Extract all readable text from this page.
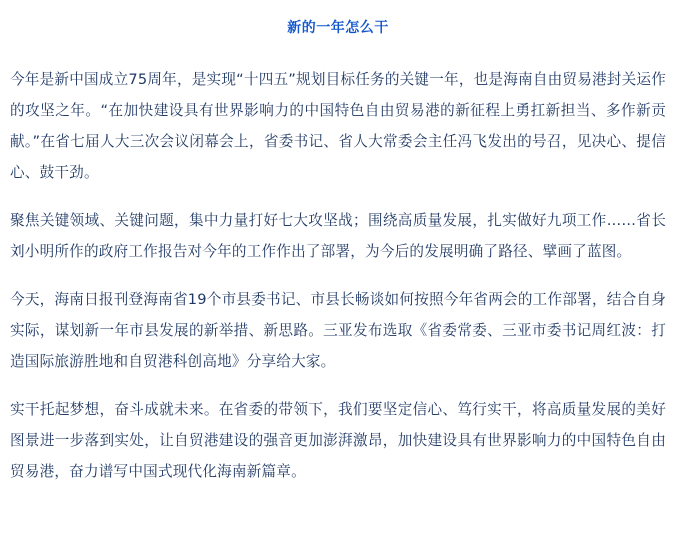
新的一年怎么干

今年是新中国成立75周年，是实现“十四五”规划目标任务的关键一年，也是海南自由贸易港封关运作的攻坚之年。“在加快建设具有世界影响力的中国特色自由贸易港的新征程上勇扛新担当、多作新贡献。”在省七届人大三次会议闭幕会上，省委书记、省人大常委会主任冯飞发出的号召，见决心、提信心、鼓干劲。

聚焦关键领域、关键问题，集中力量打好七大攻坚战；围绕高质量发展，扎实做好九项工作……省长刘小明所作的政府工作报告对今年的工作作出了部署，为今后的发展明确了路径、擘画了蓝图。

今天，海南日报刊登海南省19个市县委书记、市县长畅谈如何按照今年省两会的工作部署，结合自身实际，谋划新一年市县发展的新举措、新思路。三亚发布选取《省委常委、三亚市委书记周红波：打造国际旅游胜地和自贸港科创高地》分享给大家。

实干托起梦想，奋斗成就未来。在省委的带领下，我们要坚定信心、笃行实干，将高质量发展的美好图景进一步落到实处，让自贸港建设的强音更加澎湃激昂，加快建设具有世界影响力的中国特色自由贸易港，奋力谱写中国式现代化海南新篇章。
